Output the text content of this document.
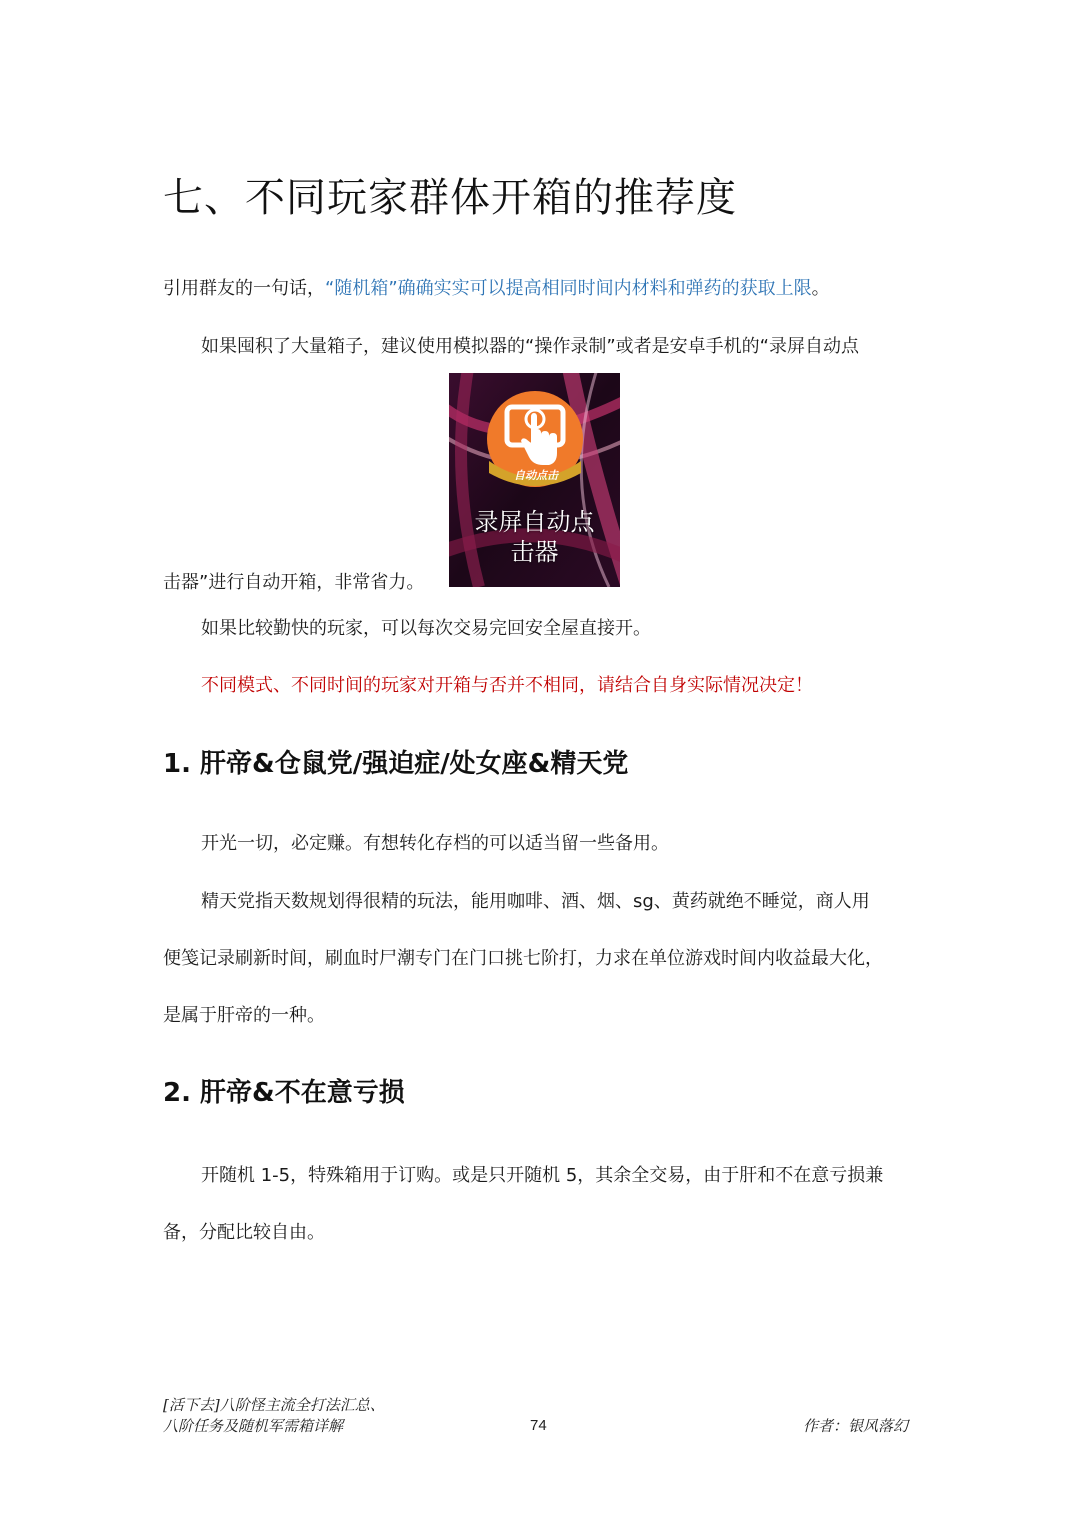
七、不同玩家群体开箱的推荐度
引用群友的一句话，“随机箱”确确实实可以提高相同时间内材料和弹药的获取上限。
如果囤积了大量箱子，建议使用模拟器的“操作录制”或者是安卓手机的“录屏自动点
击器”进行自动开箱，非常省力。
自动点击
录屏自动点
击器
如果比较勤快的玩家，可以每次交易完回安全屋直接开。
不同模式、不同时间的玩家对开箱与否并不相同，请结合自身实际情况决定！
1. 肝帝&仓鼠党/强迫症/处女座&精天党
开光一切，必定赚。有想转化存档的可以适当留一些备用。
精天党指天数规划得很精的玩法，能用咖啡、酒、烟、sg、黄药就绝不睡觉，商人用
便笺记录刷新时间，刷血时尸潮专门在门口挑七阶打，力求在单位游戏时间内收益最大化，
是属于肝帝的一种。
2. 肝帝&不在意亏损
开随机 1-5，特殊箱用于订购。或是只开随机 5，其余全交易，由于肝和不在意亏损兼
备，分配比较自由。
[活下去]八阶怪主流全打法汇总、
八阶任务及随机军需箱详解	74	作者：银风落幻
